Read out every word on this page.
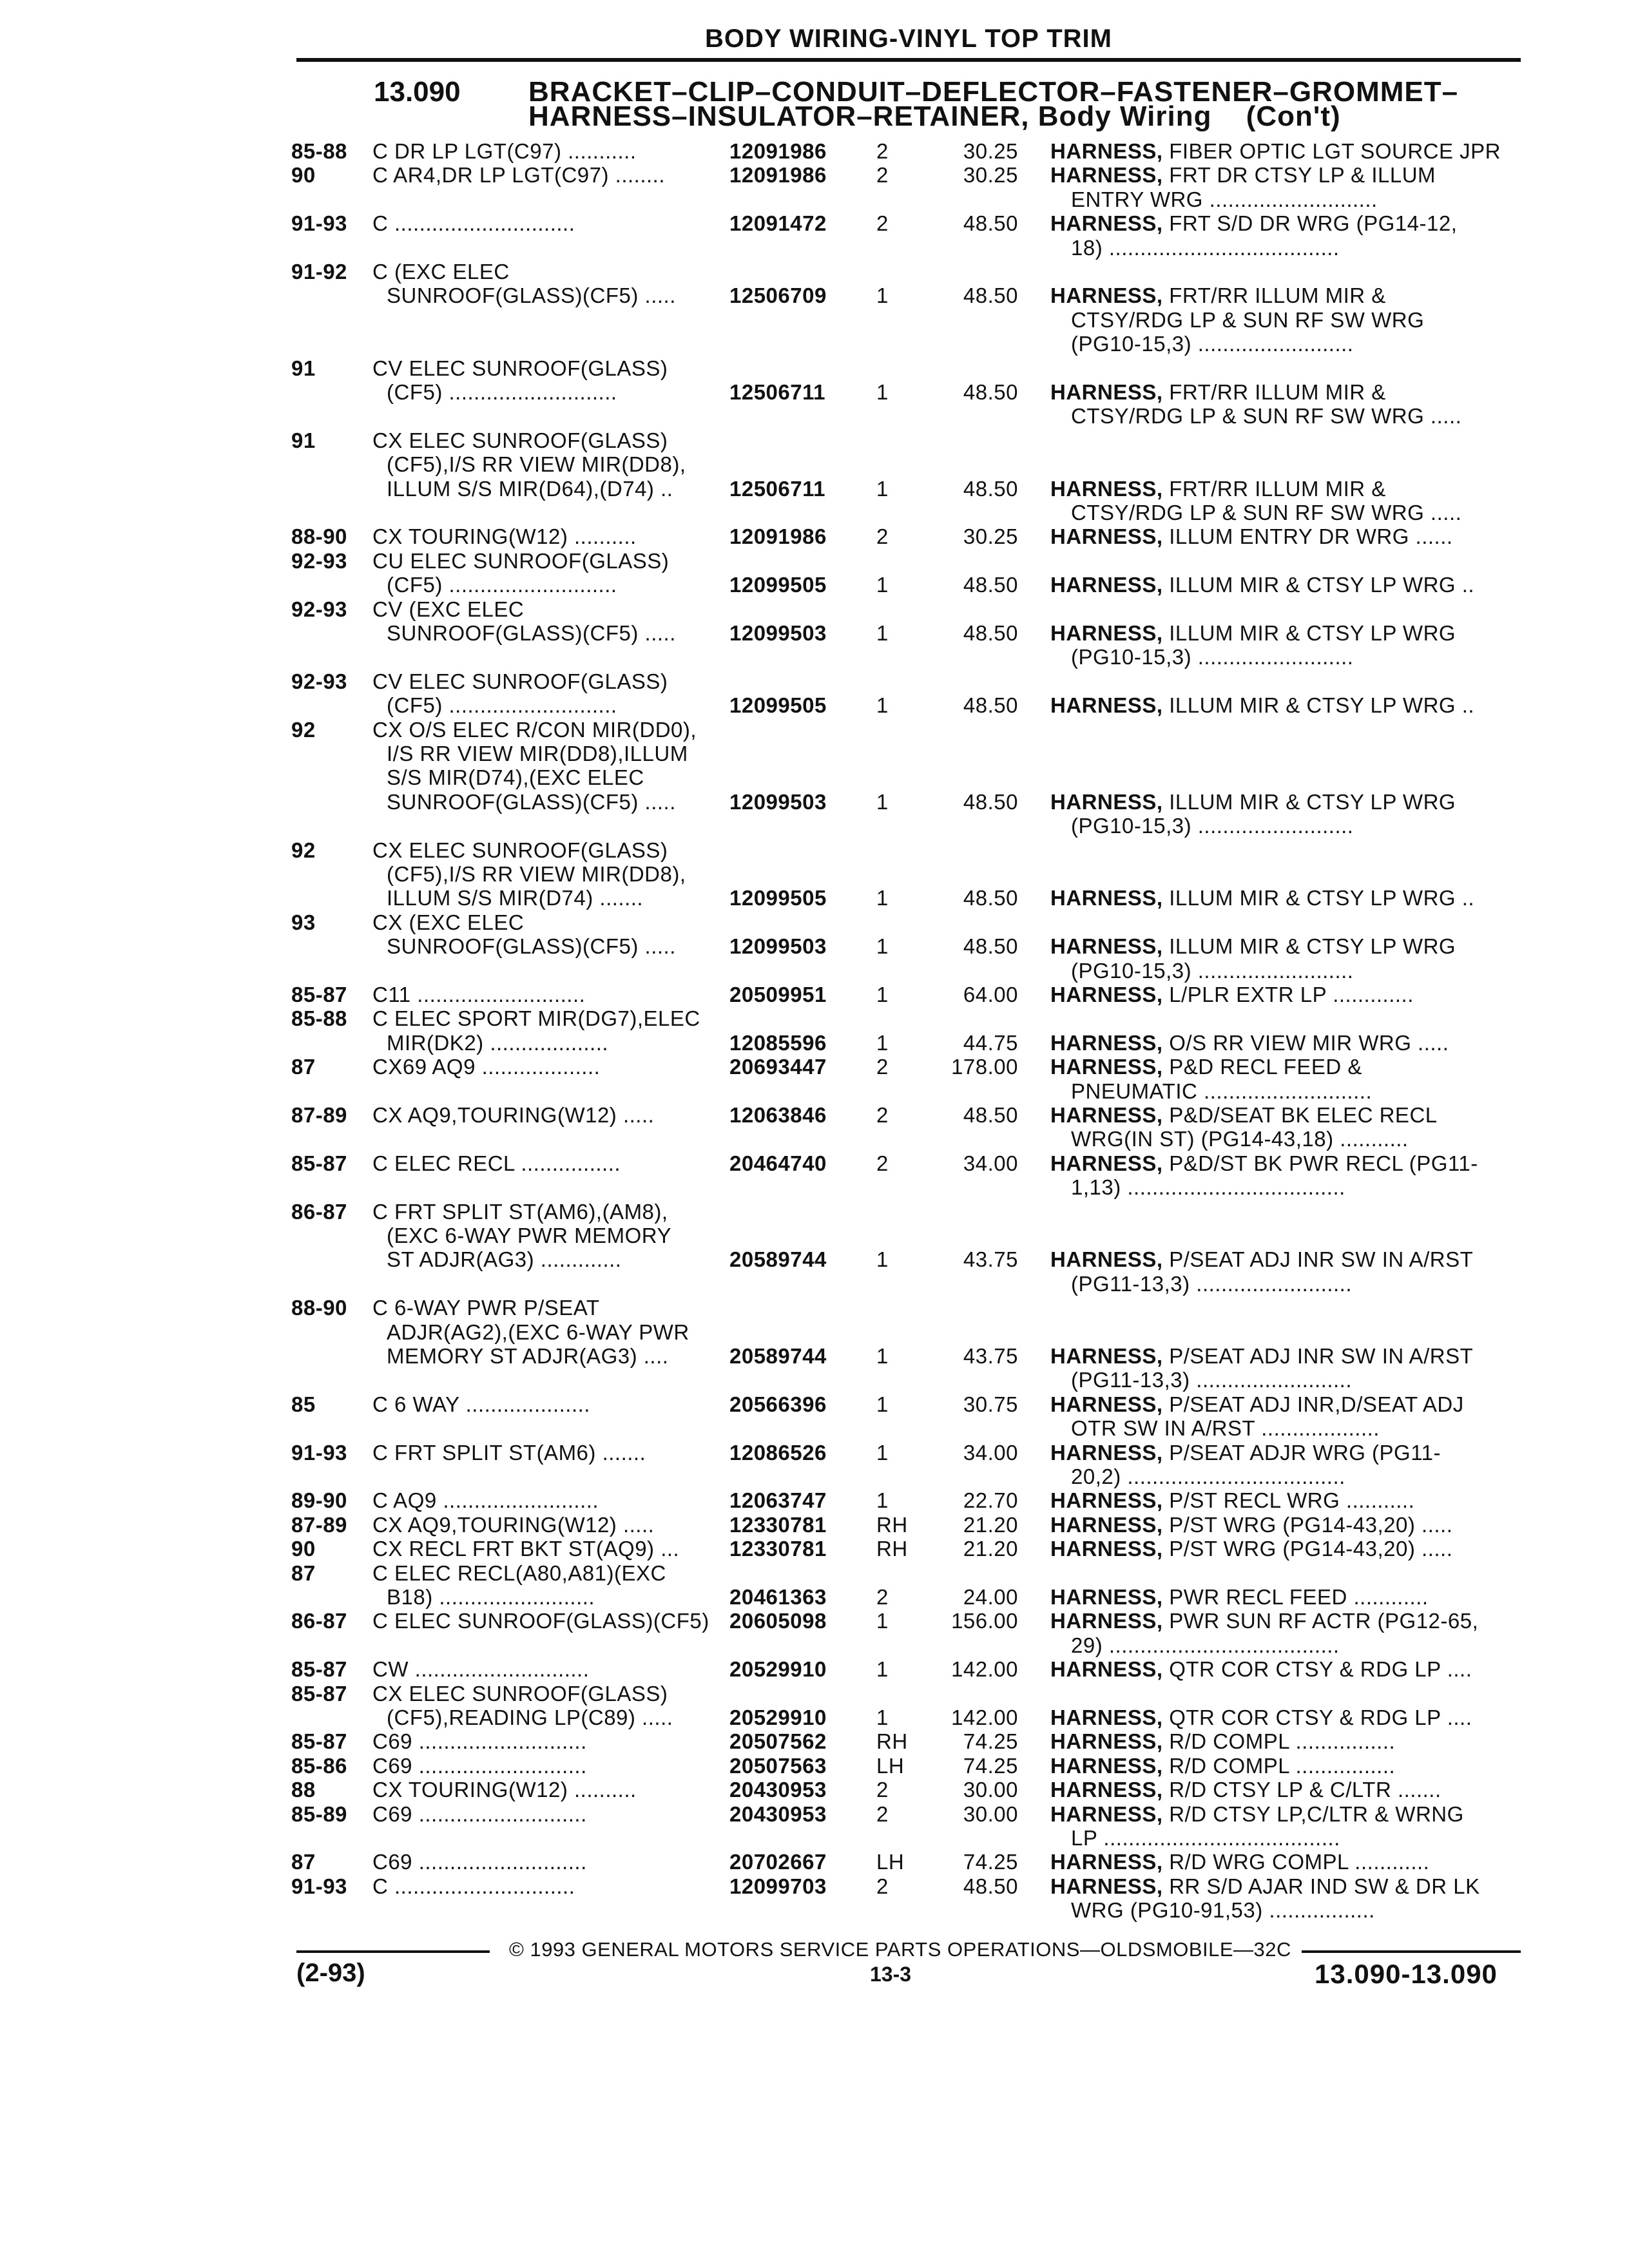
BODY WIRING-VINYL TOP TRIM
13.090 BRACKET–CLIP–CONDUIT–DEFLECTOR–FASTENER–GROMMET–
HARNESS–INSULATOR–RETAINER, Body Wiring (Con't)
85-88	C DR LP LGT(C97) ...........	12091986	2	30.25 HARNESS, FIBER OPTIC LGT SOURCE JPR
90	C AR4,DR LP LGT(C97) ........	12091986	2	30.25 HARNESS, FRT DR CTSY LP & ILLUM
ENTRY WRG ...........................
91-93	C .............................	12091472	2	48.50 HARNESS, FRT S/D DR WRG (PG14-12,
18) .....................................
91-92	C (EXC ELEC
SUNROOF(GLASS)(CF5) .....	12506709	1	48.50 HARNESS, FRT/RR ILLUM MIR &
CTSY/RDG LP & SUN RF SW WRG
(PG10-15,3) .........................
91	CV ELEC SUNROOF(GLASS)
(CF5) ...........................	12506711	1	48.50 HARNESS, FRT/RR ILLUM MIR &
CTSY/RDG LP & SUN RF SW WRG .....
91	CX ELEC SUNROOF(GLASS)
(CF5),I/S RR VIEW MIR(DD8),
ILLUM S/S MIR(D64),(D74) ..	12506711	1	48.50 HARNESS, FRT/RR ILLUM MIR &
CTSY/RDG LP & SUN RF SW WRG .....
88-90	CX TOURING(W12) ..........	12091986	2	30.25 HARNESS, ILLUM ENTRY DR WRG ......
92-93	CU ELEC SUNROOF(GLASS)
(CF5) ...........................	12099505	1	48.50 HARNESS, ILLUM MIR & CTSY LP WRG ..
92-93	CV (EXC ELEC
SUNROOF(GLASS)(CF5) .....	12099503	1	48.50 HARNESS, ILLUM MIR & CTSY LP WRG
(PG10-15,3) .........................
92-93	CV ELEC SUNROOF(GLASS)
(CF5) ...........................	12099505	1	48.50 HARNESS, ILLUM MIR & CTSY LP WRG ..
92	CX O/S ELEC R/CON MIR(DD0),
I/S RR VIEW MIR(DD8),ILLUM
S/S MIR(D74),(EXC ELEC
SUNROOF(GLASS)(CF5) .....	12099503	1	48.50 HARNESS, ILLUM MIR & CTSY LP WRG
(PG10-15,3) .........................
92	CX ELEC SUNROOF(GLASS)
(CF5),I/S RR VIEW MIR(DD8),
ILLUM S/S MIR(D74) .......	12099505	1	48.50 HARNESS, ILLUM MIR & CTSY LP WRG ..
93	CX (EXC ELEC
SUNROOF(GLASS)(CF5) .....	12099503	1	48.50 HARNESS, ILLUM MIR & CTSY LP WRG
(PG10-15,3) .........................
85-87	C11 ...........................	20509951	1	64.00 HARNESS, L/PLR EXTR LP .............
85-88	C ELEC SPORT MIR(DG7),ELEC
MIR(DK2) ...................	12085596	1	44.75 HARNESS, O/S RR VIEW MIR WRG .....
87	CX69 AQ9 ...................	20693447	2	178.00 HARNESS, P&D RECL FEED &
PNEUMATIC ...........................
87-89	CX AQ9,TOURING(W12) .....	12063846	2	48.50 HARNESS, P&D/SEAT BK ELEC RECL
WRG(IN ST) (PG14-43,18) ...........
85-87	C ELEC RECL ................	20464740	2	34.00 HARNESS, P&D/ST BK PWR RECL (PG11-
1,13) ...................................
86-87	C FRT SPLIT ST(AM6),(AM8),
(EXC 6-WAY PWR MEMORY
ST ADJR(AG3) .............	20589744	1	43.75 HARNESS, P/SEAT ADJ INR SW IN A/RST
(PG11-13,3) .........................
88-90	C 6-WAY PWR P/SEAT
ADJR(AG2),(EXC 6-WAY PWR
MEMORY ST ADJR(AG3) ....	20589744	1	43.75 HARNESS, P/SEAT ADJ INR SW IN A/RST
(PG11-13,3) .........................
85	C 6 WAY ....................	20566396	1	30.75 HARNESS, P/SEAT ADJ INR,D/SEAT ADJ
OTR SW IN A/RST ...................
91-93	C FRT SPLIT ST(AM6) .......	12086526	1	34.00 HARNESS, P/SEAT ADJR WRG (PG11-
20,2) ...................................
89-90	C AQ9 .........................	12063747	1	22.70 HARNESS, P/ST RECL WRG ...........
87-89	CX AQ9,TOURING(W12) .....	12330781	RH	21.20 HARNESS, P/ST WRG (PG14-43,20) .....
90	CX RECL FRT BKT ST(AQ9) ...	12330781	RH	21.20 HARNESS, P/ST WRG (PG14-43,20) .....
87	C ELEC RECL(A80,A81)(EXC
B18) .........................	20461363	2	24.00 HARNESS, PWR RECL FEED ............
86-87	C ELEC SUNROOF(GLASS)(CF5) 20605098	1	156.00 HARNESS, PWR SUN RF ACTR (PG12-65,
29) .....................................
85-87	CW ............................	20529910	1	142.00 HARNESS, QTR COR CTSY & RDG LP ....
85-87	CX ELEC SUNROOF(GLASS)
(CF5),READING LP(C89) .....	20529910	1	142.00 HARNESS, QTR COR CTSY & RDG LP ....
85-87	C69 ...........................	20507562	RH	74.25 HARNESS, R/D COMPL ................
85-86	C69 ...........................	20507563	LH	74.25 HARNESS, R/D COMPL ................
88	CX TOURING(W12) ..........	20430953	2	30.00 HARNESS, R/D CTSY LP & C/LTR .......
85-89	C69 ...........................	20430953	2	30.00 HARNESS, R/D CTSY LP,C/LTR & WRNG
LP ......................................
87	C69 ...........................	20702667	LH	74.25 HARNESS, R/D WRG COMPL ............
91-93	C .............................	12099703	2	48.50 HARNESS, RR S/D AJAR IND SW & DR LK
WRG (PG10-91,53) .................
© 1993 GENERAL MOTORS SERVICE PARTS OPERATIONS—OLDSMOBILE—32C
(2-93)	13-3	13.090-13.090
